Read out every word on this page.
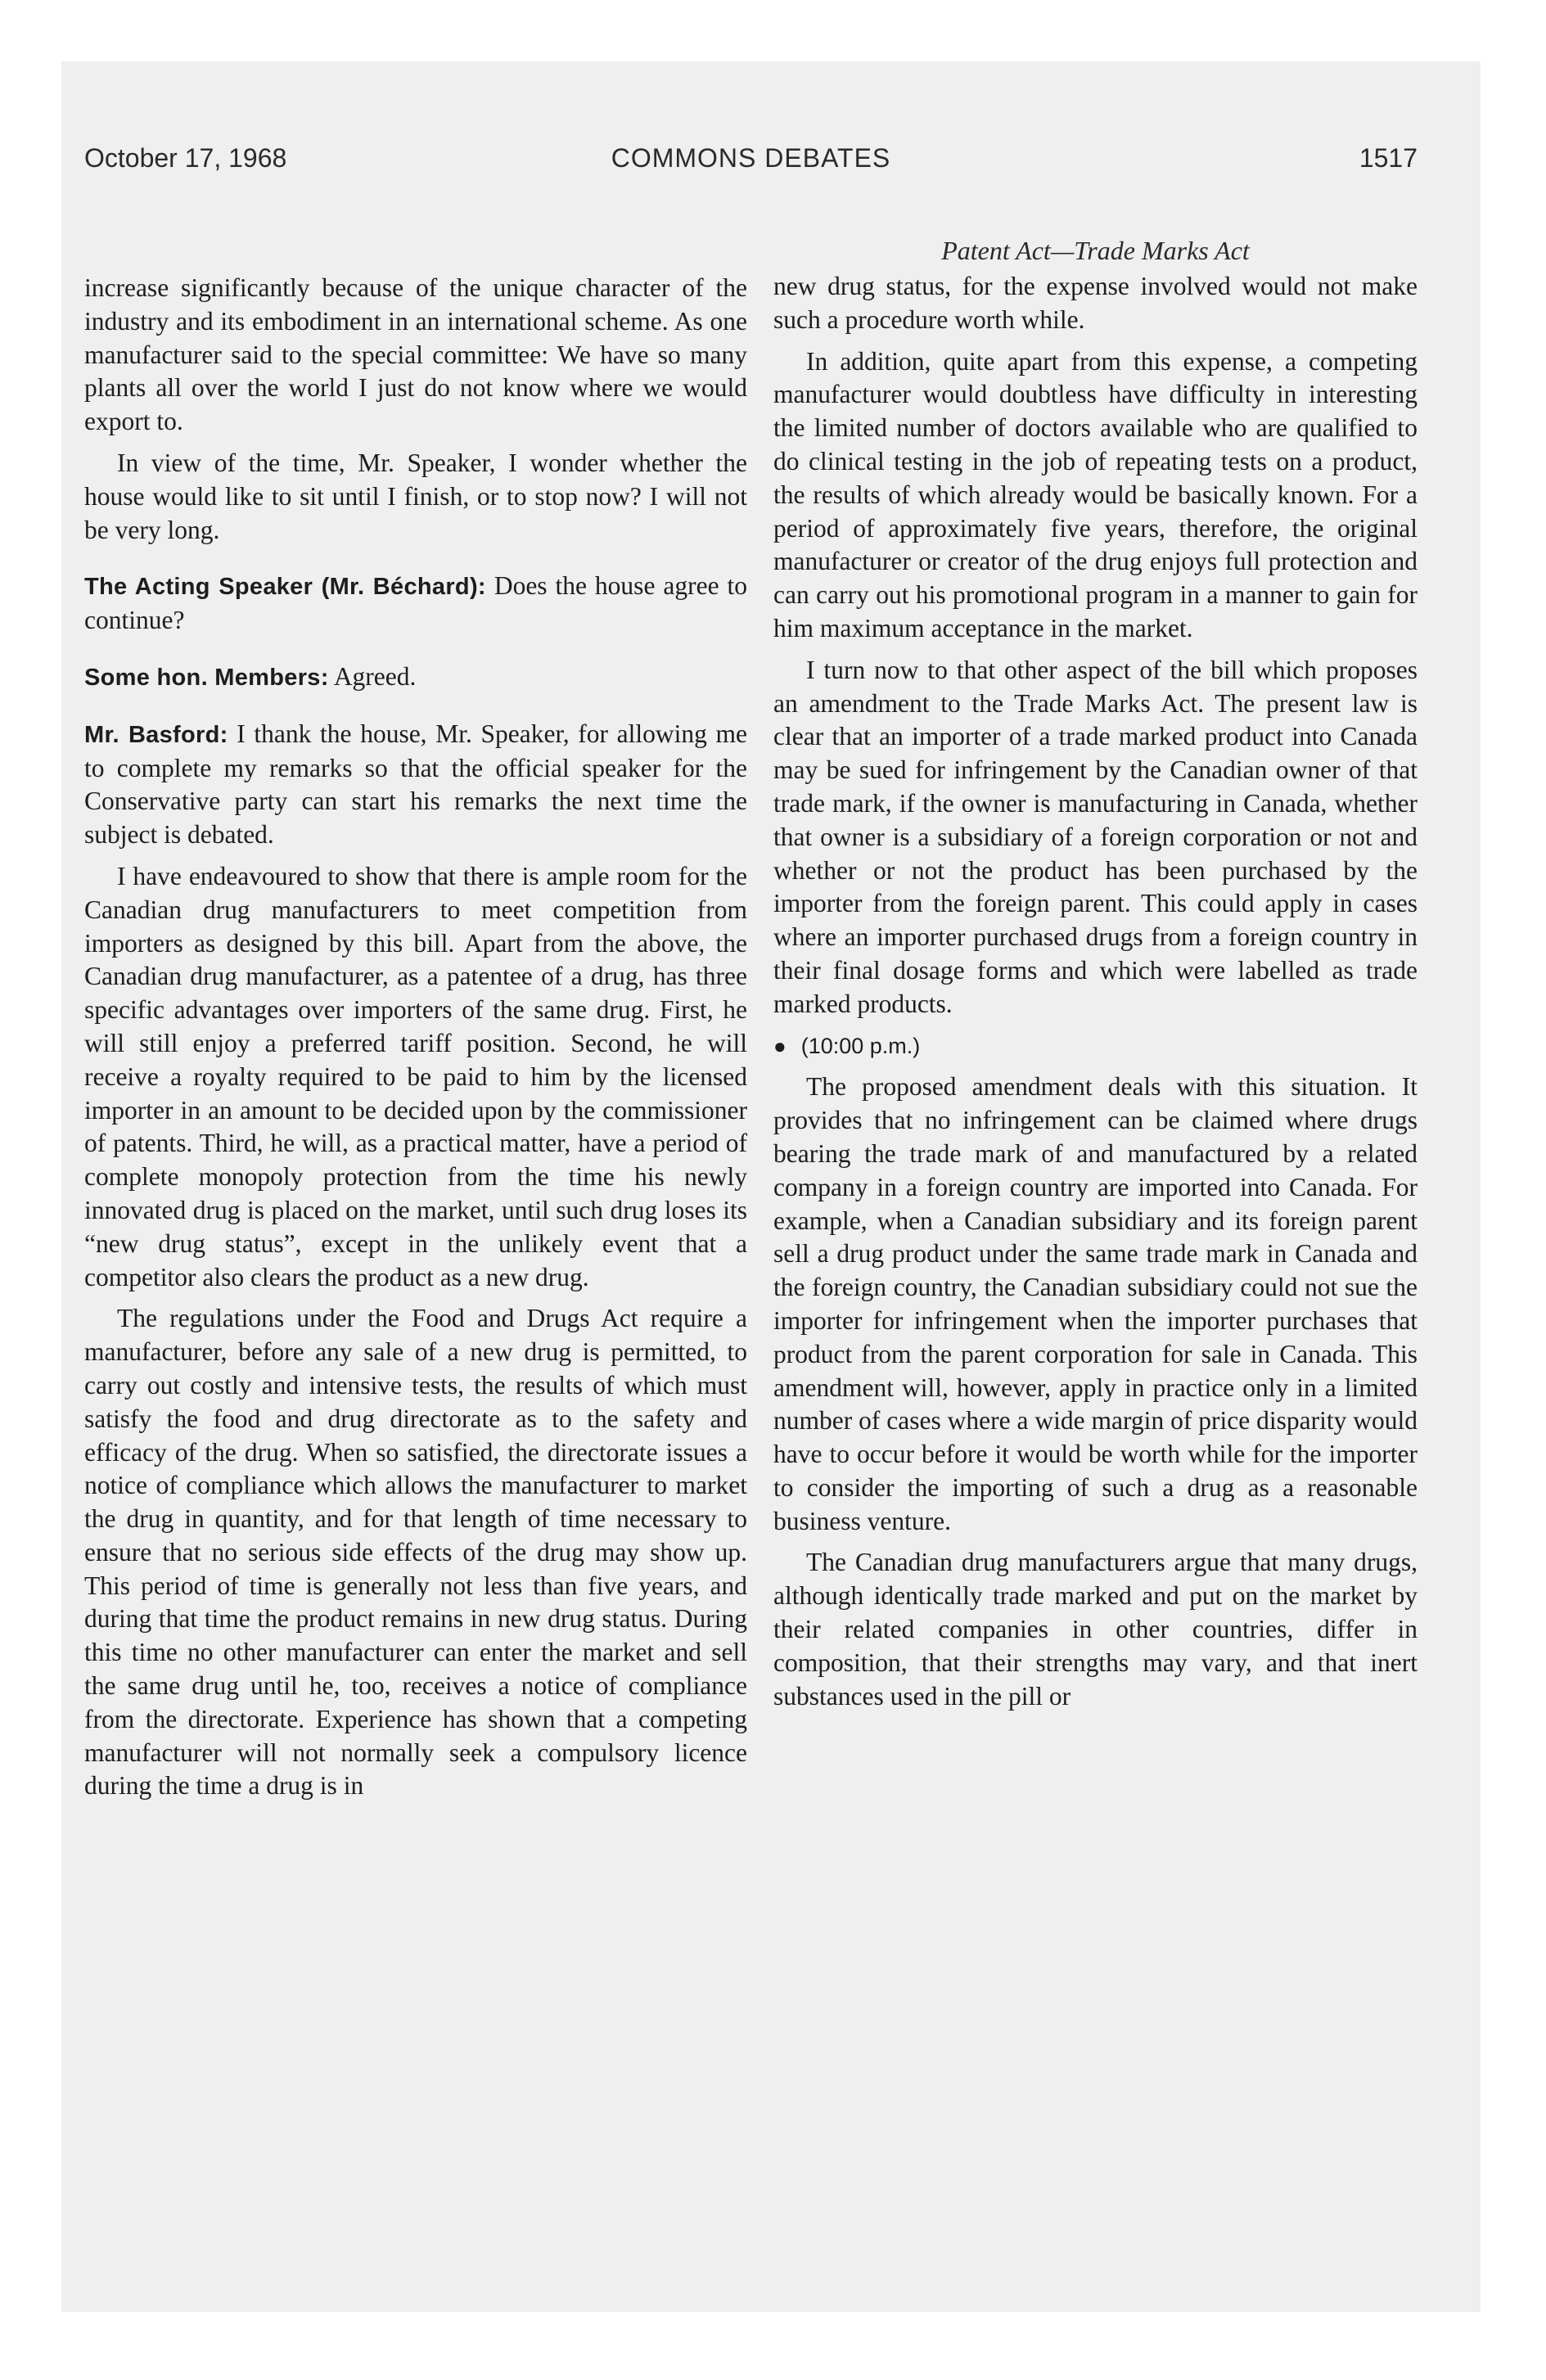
October 17, 1968	COMMONS DEBATES	1517
Patent Act—Trade Marks Act

increase significantly because of the unique character of the industry and its embodiment in an international scheme. As one manufacturer said to the special committee: We have so many plants all over the world I just do not know where we would export to.

In view of the time, Mr. Speaker, I wonder whether the house would like to sit until I finish, or to stop now? I will not be very long.

The Acting Speaker (Mr. Béchard): Does the house agree to continue?

Some hon. Members: Agreed.

Mr. Basford: I thank the house, Mr. Speaker, for allowing me to complete my remarks so that the official speaker for the Conservative party can start his remarks the next time the subject is debated.

I have endeavoured to show that there is ample room for the Canadian drug manufacturers to meet competition from importers as designed by this bill. Apart from the above, the Canadian drug manufacturer, as a patentee of a drug, has three specific advantages over importers of the same drug. First, he will still enjoy a preferred tariff position. Second, he will receive a royalty required to be paid to him by the licensed importer in an amount to be decided upon by the commissioner of patents. Third, he will, as a practical matter, have a period of complete monopoly protection from the time his newly innovated drug is placed on the market, until such drug loses its “new drug status”, except in the unlikely event that a competitor also clears the product as a new drug.

The regulations under the Food and Drugs Act require a manufacturer, before any sale of a new drug is permitted, to carry out costly and intensive tests, the results of which must satisfy the food and drug directorate as to the safety and efficacy of the drug. When so satisfied, the directorate issues a notice of compliance which allows the manufacturer to market the drug in quantity, and for that length of time necessary to ensure that no serious side effects of the drug may show up. This period of time is generally not less than five years, and during that time the product remains in new drug status. During this time no other manufacturer can enter the market and sell the same drug until he, too, receives a notice of compliance from the directorate. Experience has shown that a competing manufacturer will not normally seek a compulsory licence during the time a drug is in

new drug status, for the expense involved would not make such a procedure worth while.

In addition, quite apart from this expense, a competing manufacturer would doubtless have difficulty in interesting the limited number of doctors available who are qualified to do clinical testing in the job of repeating tests on a product, the results of which already would be basically known. For a period of approximately five years, therefore, the original manufacturer or creator of the drug enjoys full protection and can carry out his promotional program in a manner to gain for him maximum acceptance in the market.

I turn now to that other aspect of the bill which proposes an amendment to the Trade Marks Act. The present law is clear that an importer of a trade marked product into Canada may be sued for infringement by the Canadian owner of that trade mark, if the owner is manufacturing in Canada, whether that owner is a subsidiary of a foreign corporation or not and whether or not the product has been purchased by the importer from the foreign parent. This could apply in cases where an importer purchased drugs from a foreign country in their final dosage forms and which were labelled as trade marked products.

● (10:00 p.m.)

The proposed amendment deals with this situation. It provides that no infringement can be claimed where drugs bearing the trade mark of and manufactured by a related company in a foreign country are imported into Canada. For example, when a Canadian subsidiary and its foreign parent sell a drug product under the same trade mark in Canada and the foreign country, the Canadian subsidiary could not sue the importer for infringement when the importer purchases that product from the parent corporation for sale in Canada. This amendment will, however, apply in practice only in a limited number of cases where a wide margin of price disparity would have to occur before it would be worth while for the importer to consider the importing of such a drug as a reasonable business venture.

The Canadian drug manufacturers argue that many drugs, although identically trade marked and put on the market by their related companies in other countries, differ in composition, that their strengths may vary, and that inert substances used in the pill or
